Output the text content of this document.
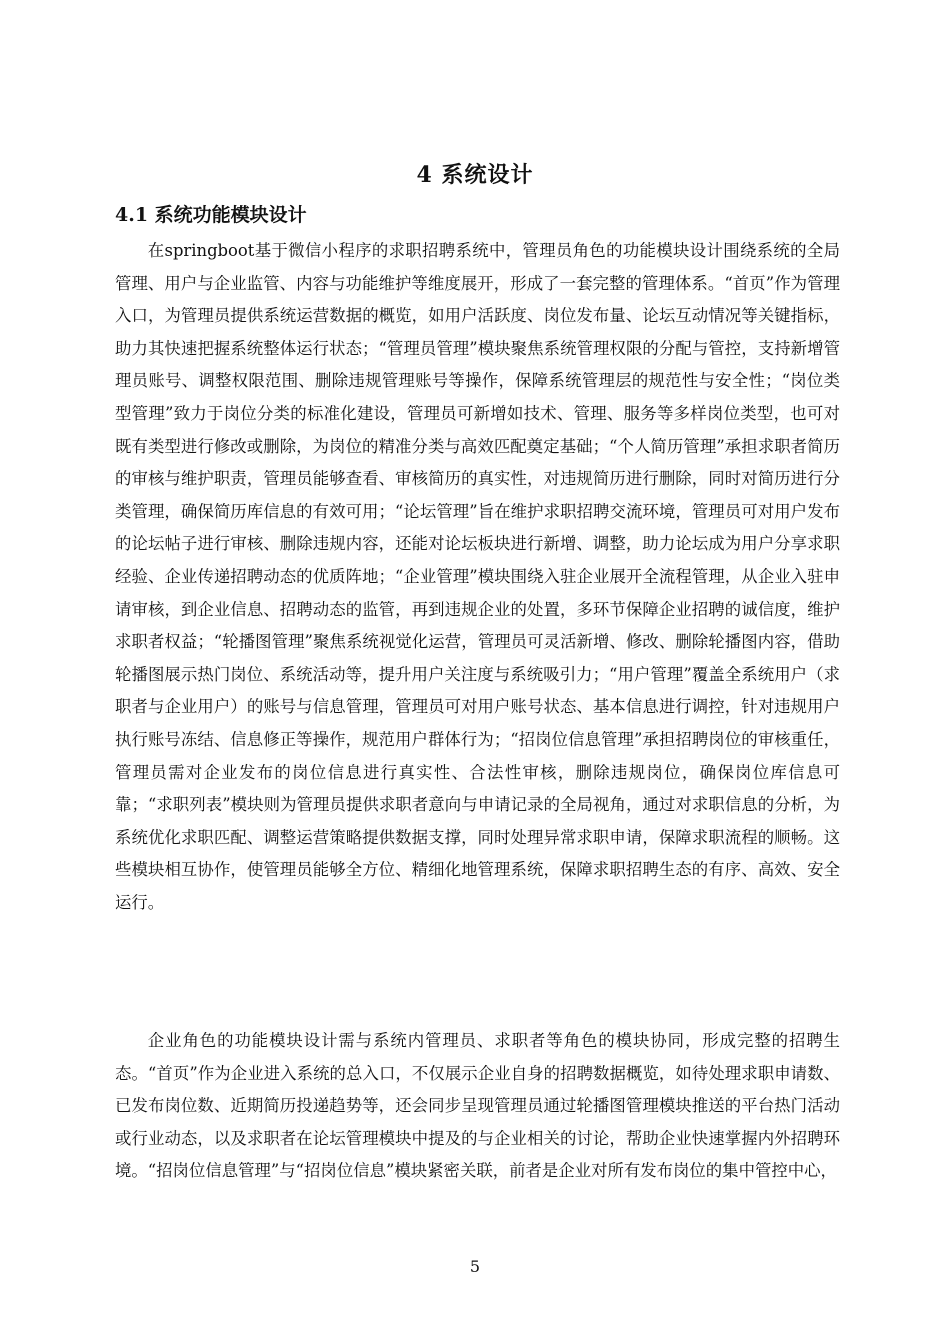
4 系统设计
4.1 系统功能模块设计

在springboot基于微信小程序的求职招聘系统中，管理员角色的功能模块设计围绕系统的全局管理、用户与企业监管、内容与功能维护等维度展开，形成了一套完整的管理体系。“首页”作为管理入口，为管理员提供系统运营数据的概览，如用户活跃度、岗位发布量、论坛互动情况等关键指标，助力其快速把握系统整体运行状态；“管理员管理”模块聚焦系统管理权限的分配与管控，支持新增管理员账号、调整权限范围、删除违规管理账号等操作，保障系统管理层的规范性与安全性；“岗位类型管理”致力于岗位分类的标准化建设，管理员可新增如技术、管理、服务等多样岗位类型，也可对既有类型进行修改或删除，为岗位的精准分类与高效匹配奠定基础；“个人简历管理”承担求职者简历的审核与维护职责，管理员能够查看、审核简历的真实性，对违规简历进行删除，同时对简历进行分类管理，确保简历库信息的有效可用；“论坛管理”旨在维护求职招聘交流环境，管理员可对用户发布的论坛帖子进行审核、删除违规内容，还能对论坛板块进行新增、调整，助力论坛成为用户分享求职经验、企业传递招聘动态的优质阵地；“企业管理”模块围绕入驻企业展开全流程管理，从企业入驻申请审核，到企业信息、招聘动态的监管，再到违规企业的处置，多环节保障企业招聘的诚信度，维护求职者权益；“轮播图管理”聚焦系统视觉化运营，管理员可灵活新增、修改、删除轮播图内容，借助轮播图展示热门岗位、系统活动等，提升用户关注度与系统吸引力；“用户管理”覆盖全系统用户（求职者与企业用户）的账号与信息管理，管理员可对用户账号状态、基本信息进行调控，针对违规用户执行账号冻结、信息修正等操作，规范用户群体行为；“招岗位信息管理”承担招聘岗位的审核重任，管理员需对企业发布的岗位信息进行真实性、合法性审核，删除违规岗位，确保岗位库信息可靠；“求职列表”模块则为管理员提供求职者意向与申请记录的全局视角，通过对求职信息的分析，为系统优化求职匹配、调整运营策略提供数据支撑，同时处理异常求职申请，保障求职流程的顺畅。这些模块相互协作，使管理员能够全方位、精细化地管理系统，保障求职招聘生态的有序、高效、安全运行。

企业角色的功能模块设计需与系统内管理员、求职者等角色的模块协同，形成完整的招聘生态。“首页”作为企业进入系统的总入口，不仅展示企业自身的招聘数据概览，如待处理求职申请数、已发布岗位数、近期简历投递趋势等，还会同步呈现管理员通过轮播图管理模块推送的平台热门活动或行业动态，以及求职者在论坛管理模块中提及的与企业相关的讨论，帮助企业快速掌握内外招聘环境。“招岗位信息管理”与“招岗位信息”模块紧密关联，前者是企业对所有发布岗位的集中管控中心，

5
